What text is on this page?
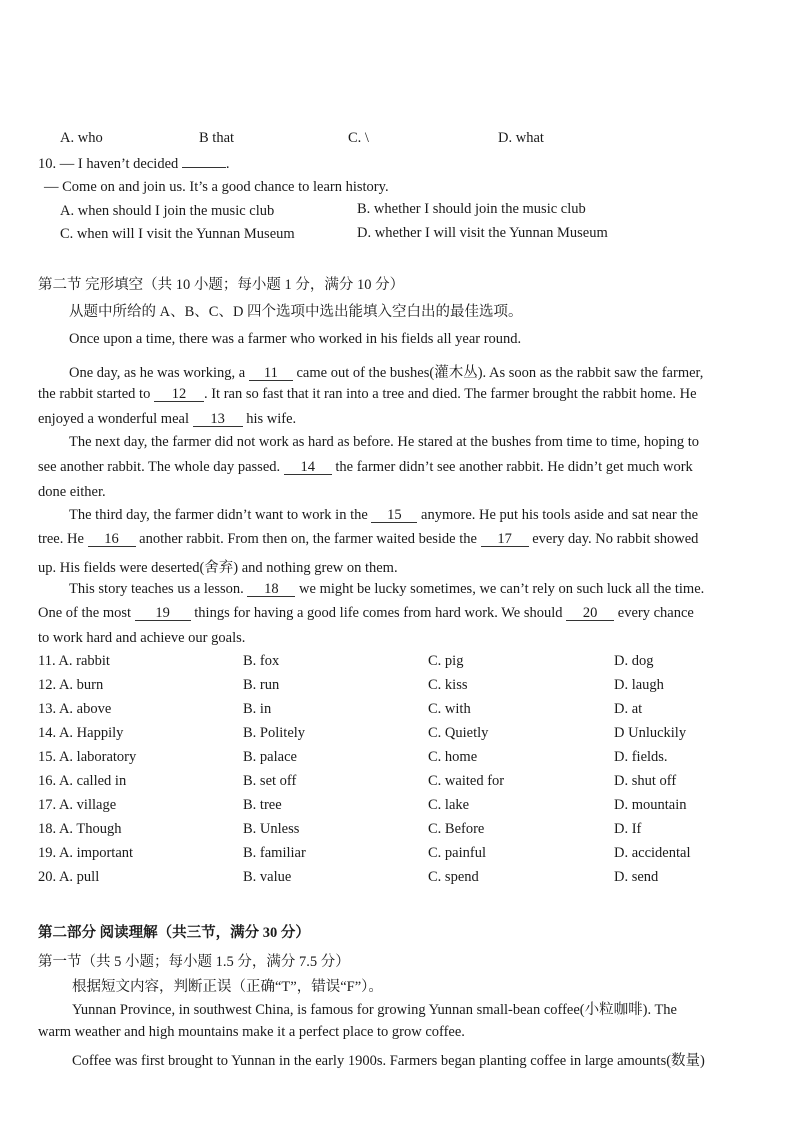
A. who	B that	C. \	D. what
10. — I haven’t decided	.
— Come on and join us. It’s a good chance to learn history.
A. when should I join the music club	B. whether I should join the music club
C. when will I visit the Yunnan Museum	D. whether I will visit the Yunnan Museum
第二节 完形填空（共 10 小题；每小题 1 分，满分 10 分）
从题中所给的 A、B、C、D 四个选项中选出能填入空白出的最佳选项。
Once upon a time, there was a farmer who worked in his fields all year round.
One day, as he was working, a 11 came out of the bushes(灌木丛). As soon as the rabbit saw the farmer,
the rabbit started to 12 . It ran so fast that it ran into a tree and died. The farmer brought the rabbit home. He
enjoyed a wonderful meal 13 his wife.
The next day, the farmer did not work as hard as before. He stared at the bushes from time to time, hoping to
see another rabbit. The whole day passed. 14 the farmer didn’t see another rabbit. He didn’t get much work
done either.
The third day, the farmer didn’t want to work in the 15 anymore. He put his tools aside and sat near the
tree. He 16 another rabbit. From then on, the farmer waited beside the 17 every day. No rabbit showed
up. His fields were deserted(舍弃) and nothing grew on them.
This story teaches us a lesson. 18 we might be lucky sometimes, we can’t rely on such luck all the time.
One of the most 19 things for having a good life comes from hard work. We should 20 every chance
to work hard and achieve our goals.
11. A. rabbit	B. fox	C. pig	D. dog
12. A. burn	B. run	C. kiss	D. laugh
13. A. above	B. in	C. with	D. at
14. A. Happily	B. Politely	C. Quietly	D Unluckily
15. A. laboratory	B. palace	C. home	D. fields.
16. A. called in	B. set off	C. waited for	D. shut off
17. A. village	B. tree	C. lake	D. mountain
18. A. Though	B. Unless	C. Before	D. If
19. A. important	B. familiar	C. painful	D. accidental
20. A. pull	B. value	C. spend	D. send
第二部分 阅读理解（共三节，满分 30 分）
第一节（共 5 小题；每小题 1.5 分，满分 7.5 分）
根据短文内容，判断正误（正确“T”，错误“F”）。
Yunnan Province, in southwest China, is famous for growing Yunnan small-bean coffee(小粒咖啡). The
warm weather and high mountains make it a perfect place to grow coffee.
Coffee was first brought to Yunnan in the early 1900s. Farmers began planting coffee in large amounts(数量)
